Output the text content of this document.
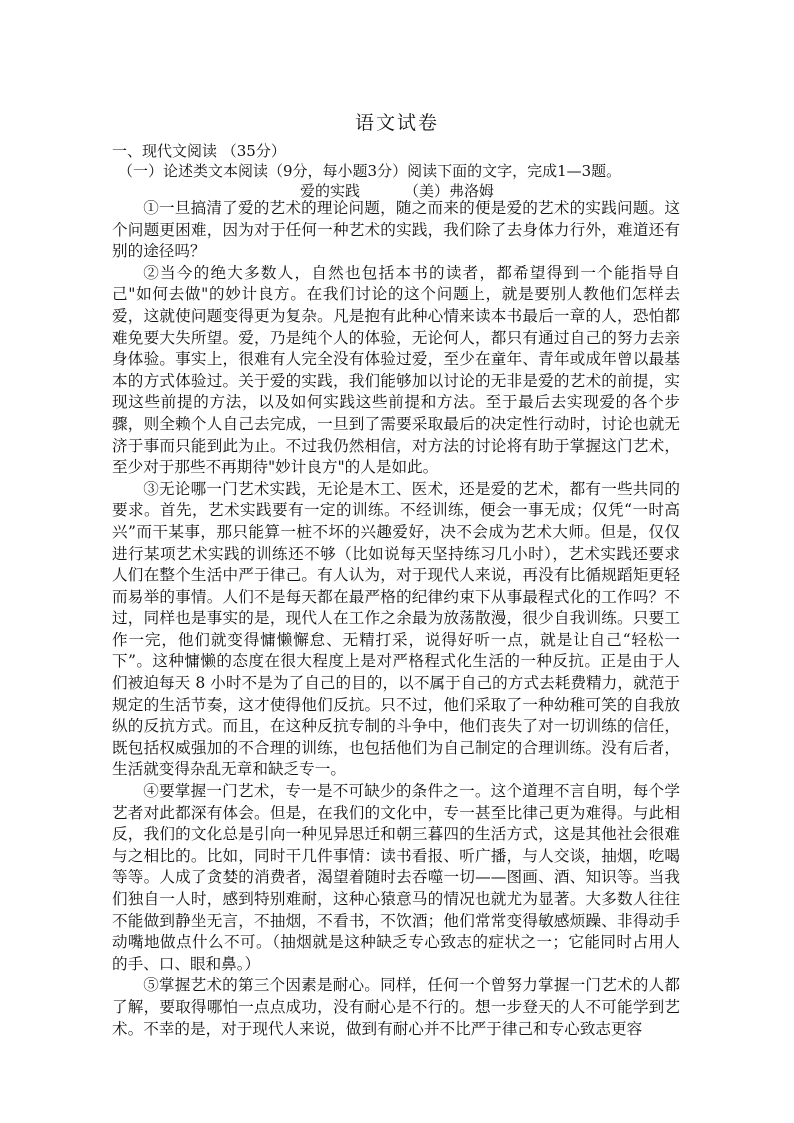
语文试卷
一、现代文阅读 （35分）
（一）论述类文本阅读（9分，每小题3分）阅读下面的文字，完成1—3题。
爱的实践	（美）弗洛姆

①一旦搞清了爱的艺术的理论问题，随之而来的便是爱的艺术的实践问题。这个问题更困难，因为对于任何一种艺术的实践，我们除了去身体力行外，难道还有别的途径吗？

②当今的绝大多数人，自然也包括本书的读者，都希望得到一个能指导自己"如何去做"的妙计良方。在我们讨论的这个问题上，就是要别人教他们怎样去爱，这就使问题变得更为复杂。凡是抱有此种心情来读本书最后一章的人，恐怕都难免要大失所望。爱，乃是纯个人的体验，无论何人，都只有通过自己的努力去亲身体验。事实上，很难有人完全没有体验过爱，至少在童年、青年或成年曾以最基本的方式体验过。关于爱的实践，我们能够加以讨论的无非是爱的艺术的前提，实现这些前提的方法，以及如何实践这些前提和方法。至于最后去实现爱的各个步骤，则全赖个人自己去完成，一旦到了需要采取最后的决定性行动时，讨论也就无济于事而只能到此为止。不过我仍然相信，对方法的讨论将有助于掌握这门艺术，至少对于那些不再期待"妙计良方"的人是如此。

③无论哪一门艺术实践，无论是木工、医术，还是爱的艺术，都有一些共同的要求。首先，艺术实践要有一定的训练。不经训练，便会一事无成；仅凭“一时高兴”而干某事，那只能算一桩不坏的兴趣爱好，决不会成为艺术大师。但是，仅仅进行某项艺术实践的训练还不够（比如说每天坚持练习几小时），艺术实践还要求人们在整个生活中严于律己。有人认为，对于现代人来说，再没有比循规蹈矩更轻而易举的事情。人们不是每天都在最严格的纪律约束下从事最程式化的工作吗？不过，同样也是事实的是，现代人在工作之余最为放荡散漫，很少自我训练。只要工作一完，他们就变得慵懒懈怠、无精打采，说得好听一点，就是让自己“轻松一下”。这种慵懒的态度在很大程度上是对严格程式化生活的一种反抗。正是由于人们被迫每天 8 小时不是为了自己的目的，以不属于自己的方式去耗费精力，就范于规定的生活节奏，这才使得他们反抗。只不过，他们采取了一种幼稚可笑的自我放纵的反抗方式。而且，在这种反抗专制的斗争中，他们丧失了对一切训练的信任，既包括权威强加的不合理的训练，也包括他们为自己制定的合理训练。没有后者，生活就变得杂乱无章和缺乏专一。

④要掌握一门艺术，专一是不可缺少的条件之一。这个道理不言自明，每个学艺者对此都深有体会。但是，在我们的文化中，专一甚至比律己更为难得。与此相反，我们的文化总是引向一种见异思迁和朝三暮四的生活方式，这是其他社会很难与之相比的。比如，同时干几件事情：读书看报、听广播，与人交谈，抽烟，吃喝等等。人成了贪婪的消费者，渴望着随时去吞噬一切——图画、酒、知识等。当我们独自一人时，感到特别难耐，这种心猿意马的情况也就尤为显著。大多数人往往不能做到静坐无言，不抽烟，不看书，不饮酒；他们常常变得敏感烦躁、非得动手动嘴地做点什么不可。（抽烟就是这种缺乏专心致志的症状之一；它能同时占用人的手、口、眼和鼻。）

⑤掌握艺术的第三个因素是耐心。同样，任何一个曾努力掌握一门艺术的人都了解，要取得哪怕一点点成功，没有耐心是不行的。想一步登天的人不可能学到艺术。不幸的是，对于现代人来说，做到有耐心并不比严于律己和专心致志更容
